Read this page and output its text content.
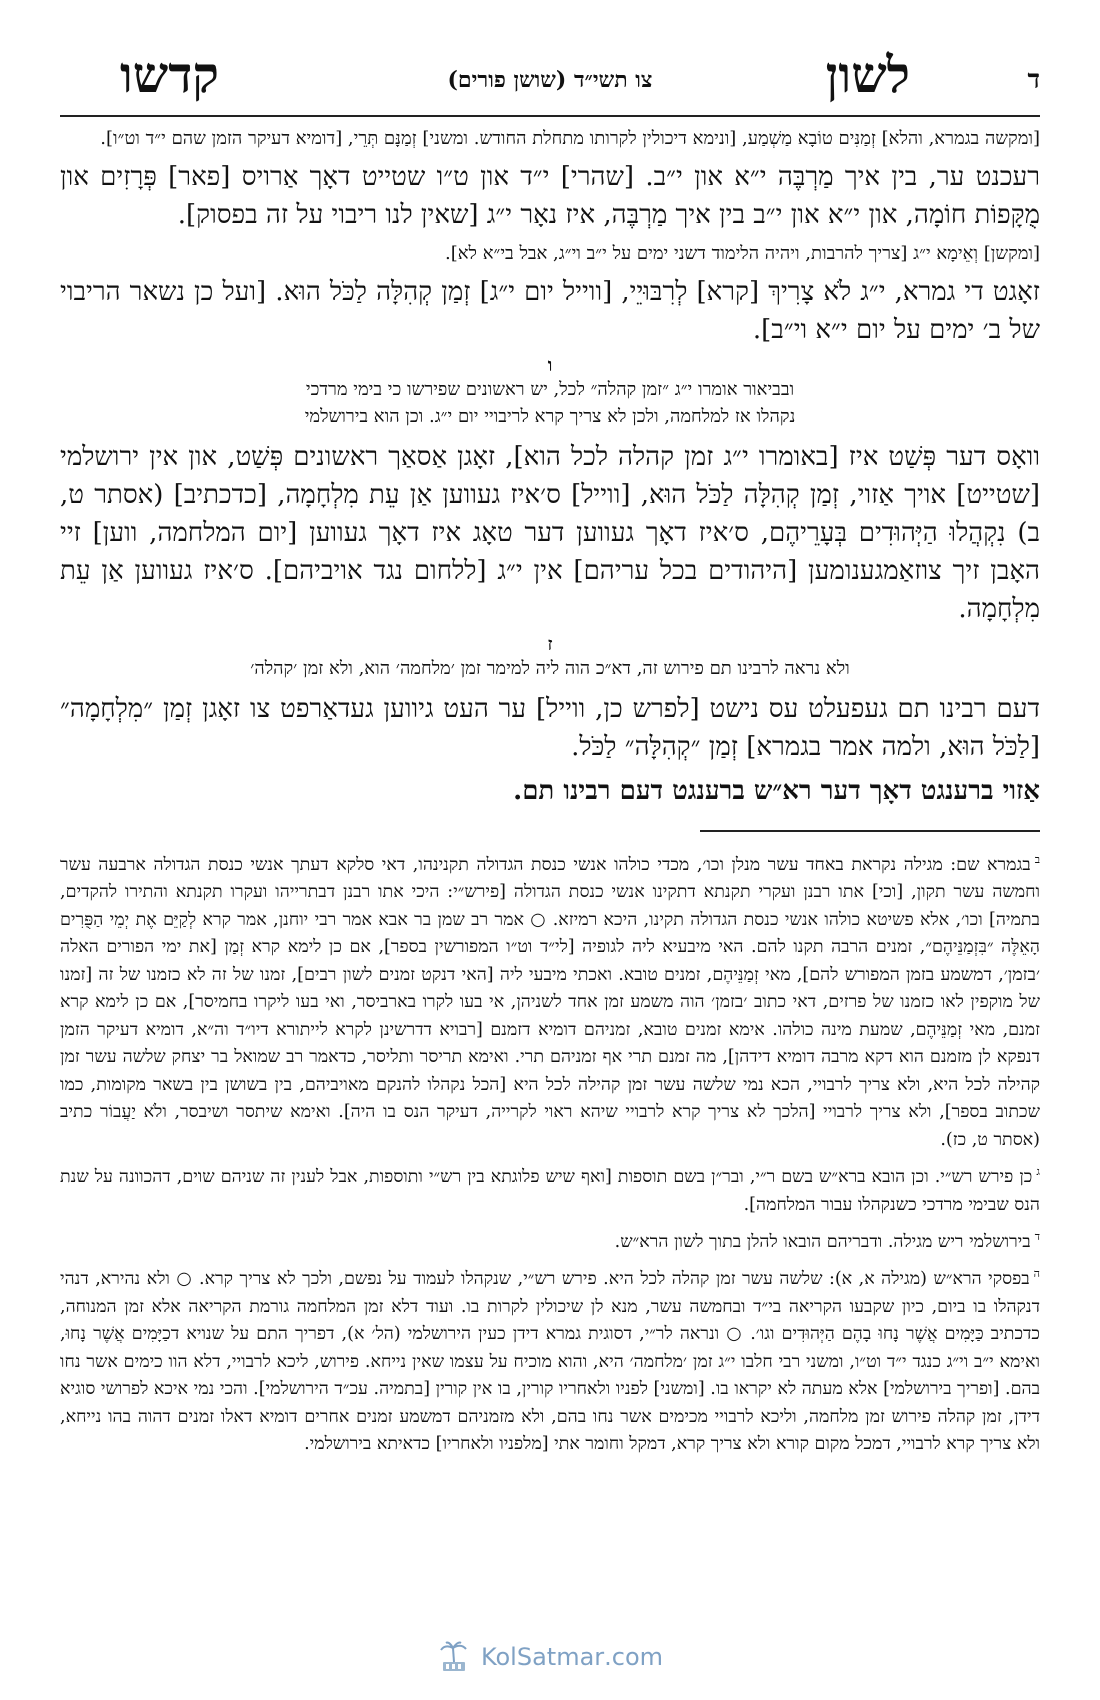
ד
לשון
צו תשי״ד (שושן פורים)
קדשו

[ומקשה בגמרא, והלא] זְמַנִּים טוֹבָא מַשְׁמַע, [ונימא דיכולין לקרותו מתחלת החודש. ומשני] זְמַנָּם תְּרֵי, [דומיא דעיקר הזמן שהם י״ד וט״ו].

רעכנט ער, בין איך מַרְבֶּה י״א און י״ב. [שהרי] י״ד און ט״ו שטייט דאָך אַרויס [פאר] פְּרָזִים און מֻקָּפוֹת חוֹמָה, און י״א און י״ב בין איך מַרְבֶּה, איז נאָר י״ג [שאין לנו ריבוי על זה בפסוק].

[ומקשן] וְאֵימָא י״ג [צריך להרבות, ויהיה הלימוד דשני ימים על י״ב וי״ג, אבל בי״א לא].

זאָגט די גמרא, י״ג לֹא צָרִיךְ [קרא] לְרִבּוּיֵי, [ווייל יום י״ג] זְמַן קְהִלָּה לַכֹּל הוּא. [ועל כן נשאר הריבוי של ב׳ ימים על יום י״א וי״ב].

ו
ובביאור אומרו י״ג ״זמן קהלה״ לכל, יש ראשונים שפירשו כי בימי מרדכי
נקהלו אז למלחמה, ולכן לא צריך קרא לריבויי יום י״ג. וכן הוא בירושלמי

וואָס דער פְּשַׁט איז [באומרו י״ג זמן קהלה לכל הוא], זאָגן אַסאַך ראשונים פְּשַׁט, און אין ירושלמי [שטייט] אויך אַזוי, זְמַן קְהִלָּה לַכֹּל הוּא, [ווייל] ס׳איז געווען אַן עֵת מִלְחָמָה, [כדכתיב] (אסתר ט, ב) נִקְהֲלוּ הַיְּהוּדִים בְּעָרֵיהֶם, ס׳איז דאָך געווען דער טאָג איז דאָך געווען [יום המלחמה, ווען] זיי האָבן זיך צוזאַמגענומען [היהודים בכל עריהם] אין י״ג [ללחום נגד אויביהם]. ס׳איז געווען אַן עֵת מִלְחָמָה.

ז
ולא נראה לרבינו תם פירוש זה, דא״כ הוה ליה למימר זמן ׳מלחמה׳ הוא, ולא זמן ׳קהלה׳

דעם רבינו תם געפעלט עס נישט [לפרש כן, ווייל] ער העט גיווען געדאַרפט צו זאָגן זְמַן ״מִלְחָמָה״ [לַכֹּל הוּא, ולמה אמר בגמרא] זְמַן ״קְהִלָּה״ לַכֹּל.

אַזוי ברענגט דאָך דער רא״ש ברענגט דעם רבינו תם.

$^ב$בגמרא שם: מגילה נקראת באחד עשר מנלן וכו׳, מכדי כולהו אנשי כנסת הגדולה תקנינהו, דאי סלקא דעתך אנשי כנסת הגדולה ארבעה עשר וחמשה עשר תקון, [וכי] אתו רבנן ועקרי תקנתא דתקינו אנשי כנסת הגדולה [פירש״י: היכי אתו רבנן דבתרייהו ועקרו תקנתא והתירו להקדים, בתמיה] וכו׳, אלא פשיטא כולהו אנשי כנסת הגדולה תקינו, היכא רמיזא. ○ אמר רב שמן בר אבא אמר רבי יוחנן, אמר קרא לְקַיֵּם אֶת יְמֵי הַפֻּרִים הָאֵלֶּה ״בִּזְמַנֵּיהֶם״, זמנים הרבה תקנו להם. האי מיבעיא ליה לגופיה [לי״ד וט״ו המפורשין בספר], אם כן לימא קרא זְמַן [את ימי הפורים האלה ׳בזמן׳, דמשמע בזמן המפורש להם], מאי זְמַנֵּיהֶם, זמנים טובא. ואכתי מיבעי ליה [האי דנקט זמנים לשון רבים], זמנו של זה לא כזמנו של זה [זמנו של מוקפין לאו כזמנו של פרזים, דאי כתוב ׳בזמן׳ הוה משמע זמן אחד לשניהן, אי בעו לקרו בארביסר, ואי בעו ליקרו בחמיסר], אם כן לימא קרא זמנם, מאי זְמַנֵּיהֶם, שמעת מינה כולהו. אימא זמנים טובא, זמניהם דומיא דזמנם [רבויא דדרשינן לקרא לייתורא דיו״ד וה״א, דומיא דעיקר הזמן דנפקא לן מזמנם הוא דקא מרבה דומיא דידהן], מה זמנם תרי אף זמניהם תרי. ואימא תריסר ותליסר, כדאמר רב שמואל בר יצחק שלשה עשר זמן קהילה לכל היא, ולא צריך לרבויי, הכא נמי שלשה עשר זמן קהילה לכל היא [הכל נקהלו להנקם מאויביהם, בין בשושן בין בשאר מקומות, כמו שכתוב בספר], ולא צריך לרבויי [הלכך לא צריך קרא לרבויי שיהא ראוי לקרייה, דעיקר הנס בו היה]. ואימא שיתסר ושיבסר, ולֹא יַעֲבוֹר כתיב (אסתר ט, כז).

$^ג$כן פירש רש״י. וכן הובא ברא״ש בשם ר״י, ובר״ן בשם תוספות [ואף שיש פלוגתא בין רש״י ותוספות, אבל לענין זה שניהם שוים, דהכוונה על שנת הנס שבימי מרדכי כשנקהלו עבור המלחמה].

$^ד$בירושלמי ריש מגילה. ודבריהם הובאו להלן בתוך לשון הרא״ש.

$^ה$בפסקי הרא״ש (מגילה א, א): שלשה עשר זמן קהלה לכל היא. פירש רש״י, שנקהלו לעמוד על נפשם, ולכך לא צריך קרא. ○ ולא נהירא, דנהי דנקהלו בו ביום, כיון שקבעו הקריאה בי״ד ובחמשה עשר, מנא לן שיכולין לקרות בו. ועוד דלא זמן המלחמה גורמת הקריאה אלא זמן המנוחה, כדכתיב כַּיָּמִים אֲשֶׁר נָחוּ בָהֶם הַיְּהוּדִים וגו׳. ○ ונראה לר״י, דסוגית גמרא דידן כעין הירושלמי (הל׳ א), דפריך התם על שנויא דכַיָּמִים אֲשֶׁר נָחוּ, ואימא י״ב וי״ג כנגד י״ד וט״ו, ומשני רבי חלבו י״ג זמן ׳מלחמה׳ היא, והוא מוכיח על עצמו שאין נייחא. פירוש, ליכא לרבויי, דלא הוו כימים אשר נחו בהם. [ופריך בירושלמי] אלא מעתה לא יקראו בו. [ומשני] לפניו ולאחריו קורין, בו אין קורין [בתמיה. עכ״ד הירושלמי]. והכי נמי איכא לפרושי סוגיא דידן, זמן קהלה פירוש זמן מלחמה, וליכא לרבויי מכימים אשר נחו בהם, ולא מזמניהם דמשמע זמנים אחרים דומיא דאלו זמנים דהוה בהו נייחא, ולא צריך קרא לרבויי, דמכל מקום קורא ולא צריך קרא, דמקל וחומר אתי [מלפניו ולאחריו] כדאיתא בירושלמי.

KolSatmar.com
